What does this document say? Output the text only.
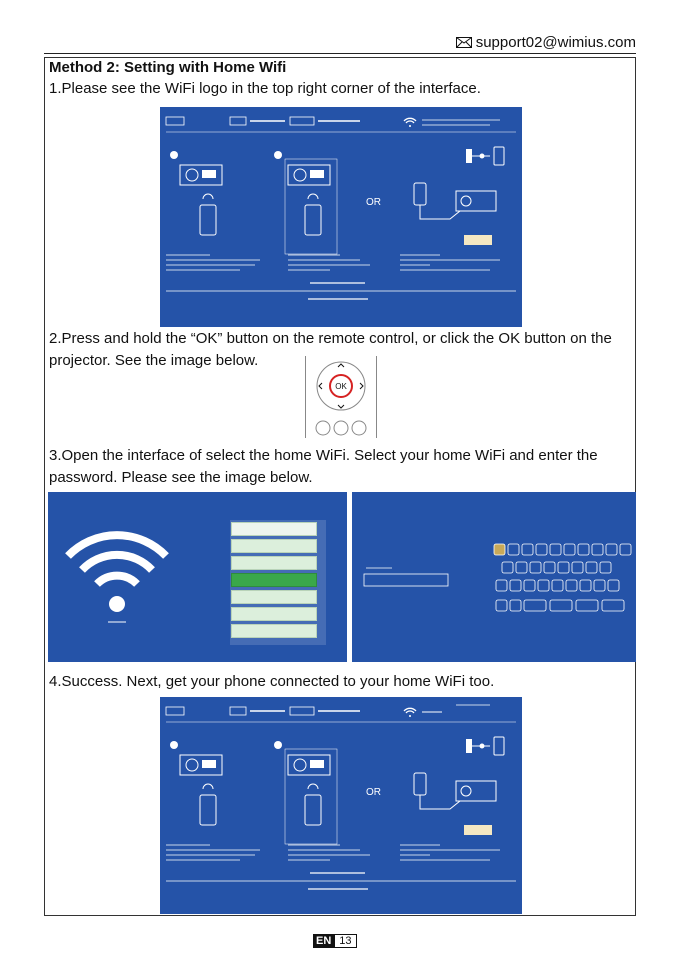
support02@wimius.com
Method 2: Setting with Home Wifi
1.Please see the WiFi logo in the top right corner of the interface.
OR
2.Press and hold the “OK” button on the remote control, or click the OK button on the projector. See the image below.
OK
3.Open the interface of select the home WiFi. Select your home WiFi and enter the password. Please see the image below.
4.Success. Next, get your phone connected to your home WiFi too.
OR
EN 13
